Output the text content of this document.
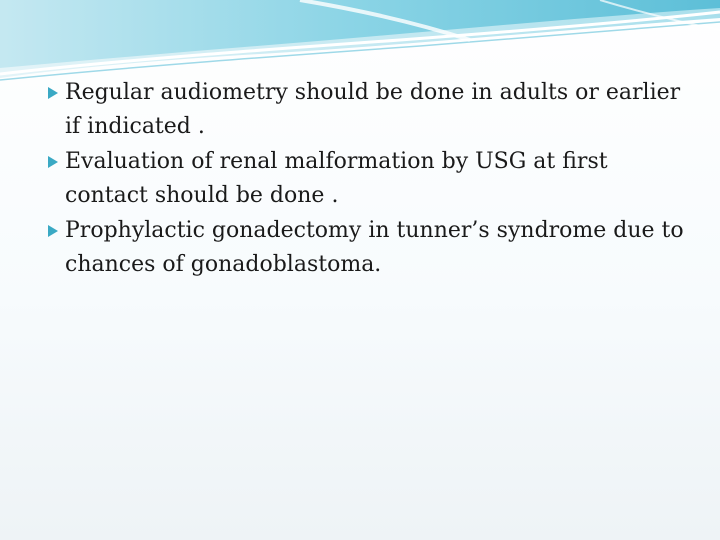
Regular audiometry should be done in adults or earlier if indicated .
Evaluation of renal malformation by USG at first contact should be done .
Prophylactic gonadectomy in tunner’s syndrome due to chances of gonadoblastoma.
